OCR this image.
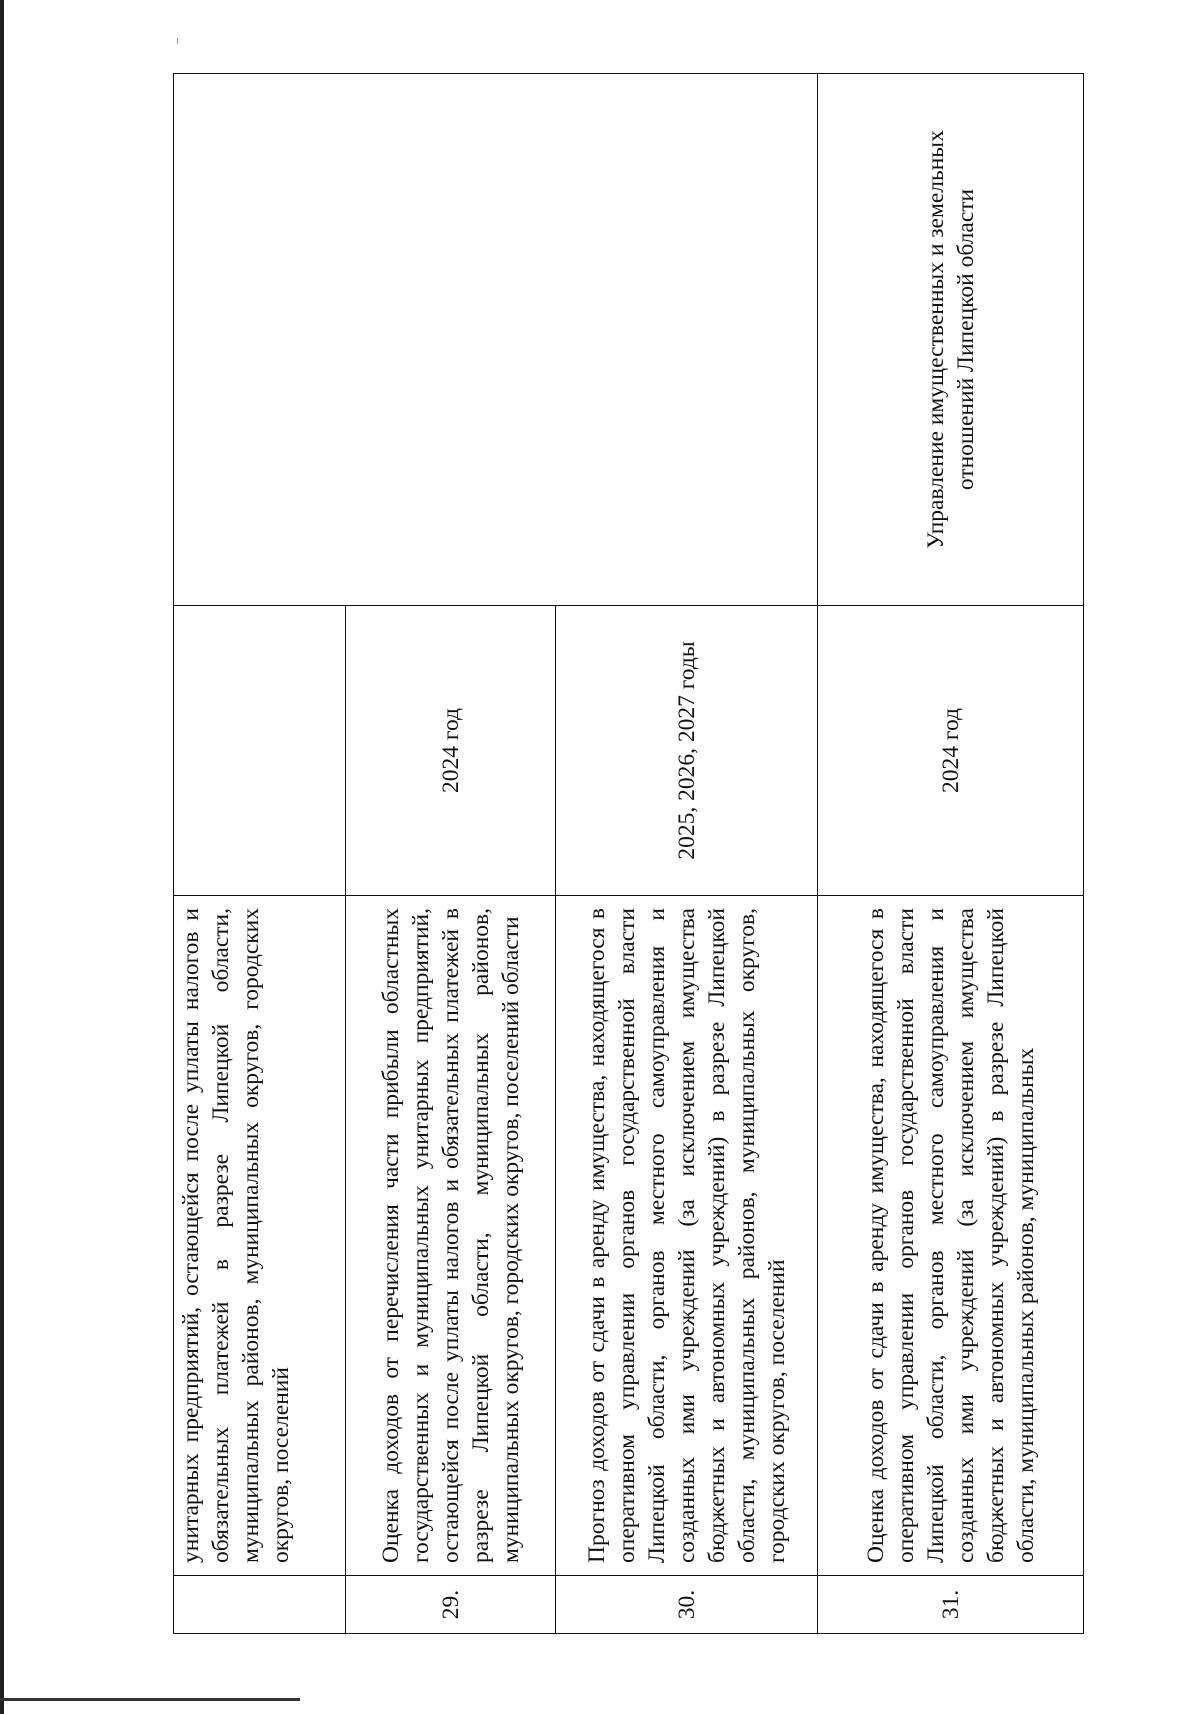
	унитарных предприятий, остающейся после уплаты налогов и обязательных платежей в разрезе Липецкой области, муниципальных районов, муниципальных округов, городских округов, поселений		
29.	Оценка доходов от перечисления части прибыли областных государственных и муниципальных унитарных предприятий, остающейся после уплаты налогов и обязательных платежей в разрезе Липецкой области, муниципальных районов, муниципальных округов, городских округов, поселений области	2024 год	
30.	Прогноз доходов от сдачи в аренду имущества, находящегося в оперативном управлении органов государственной власти Липецкой области, органов местного самоуправления и созданных ими учреждений (за исключением имущества бюджетных и автономных учреждений) в разрезе Липецкой области, муниципальных районов, муниципальных округов, городских округов, поселений	2025, 2026, 2027 годы	
31.	Оценка доходов от сдачи в аренду имущества, находящегося в оперативном управлении органов государственной власти Липецкой области, органов местного самоуправления и созданных ими учреждений (за исключением имущества бюджетных и автономных учреждений) в разрезе Липецкой области, муниципальных районов, муниципальных	2024 год	Управление имущественных и земельных отношений Липецкой области
